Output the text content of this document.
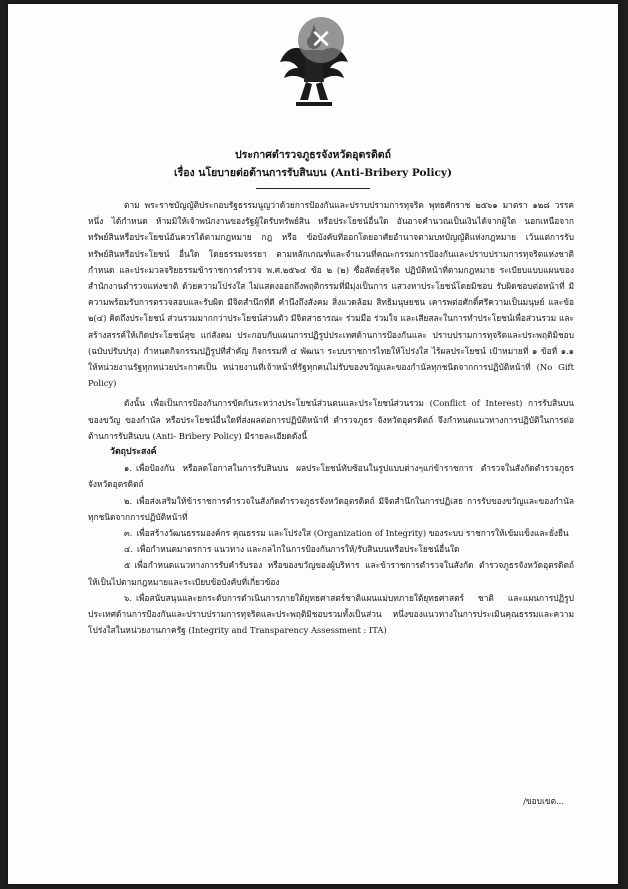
✕
ประกาศตำรวจภูธรจังหวัดอุตรดิตถ์
เรื่อง นโยบายต่อต้านการรับสินบน (Anti-Bribery Policy)

ตาม พระราชบัญญัติประกอบรัฐธรรมนูญว่าด้วยการป้องกันและปราบปรามการทุจริต พุทธศักราช ๒๕๖๑ มาตรา ๑๒๘ วรรคหนึ่ง ได้กำหนด ห้ามมิให้เจ้าพนักงานของรัฐผู้ใดรับทรัพย์สิน หรือประโยชน์อื่นใด อันอาจคำนวณเป็นเงินได้จากผู้ใด นอกเหนือจากทรัพย์สินหรือประโยชน์อันควรได้ตามกฎหมาย กฎ หรือ ข้อบังคับที่ออกโดยอาศัยอำนาจตามบทบัญญัติแห่งกฎหมาย เว้นแต่การรับทรัพย์สินหรือประโยชน์ อื่นใด โดยธรรมจรรยา ตามหลักเกณฑ์และจำนวนที่คณะกรรมการป้องกันและปราบปรามการทุจริตแห่งชาติกำหนด และประมวลจริยธรรมข้าราชการตำรวจ พ.ศ.๒๕๖๔ ข้อ ๒ (๒) ซื่อสัตย์สุจริต ปฏิบัติหน้าที่ตามกฎหมาย ระเบียบแบบแผนของสำนักงานตำรวจแห่งชาติ ด้วยความโปร่งใส ไม่แสดงออกถึงพฤติกรรมที่มีมุ่งเป็นการ แสวงหาประโยชน์โดยมิชอบ รับผิดชอบต่อหน้าที่ มีความพร้อมรับการตรวจสอบและรับผิด มีจิตสำนึกที่ดี คำนึงถึงสังคม สิ่งแวดล้อม สิทธิมนุษยชน เคารพต่อศักดิ์ศรีความเป็นมนุษย์ และข้อ ๒(๔) คิดถึงประโยชน์ ส่วนรวมมากกว่าประโยชน์ส่วนตัว มีจิตสาธารณะ ร่วมมือ ร่วมใจ และเสียสละในการทำประโยชน์เพื่อส่วนรวม และสร้างสรรค์ให้เกิดประโยชน์สุข แก่สังคม ประกอบกับแผนการปฏิรูปประเทศด้านการป้องกันและ ปราบปรามการทุจริตและประพฤติมิชอบ (ฉบับปรับปรุง) กำหนดกิจกรรมปฏิรูปที่สำคัญ กิจกรรมที่ ๔ พัฒนา ระบบราชการไทยให้โปร่งใส ไร้ผลประโยชน์ เป้าหมายที่ ๑ ข้อที่ ๑.๑ ให้หน่วยงานรัฐทุกหน่วยประกาศเป็น หน่วยงานที่เจ้าหน้าที่รัฐทุกคนไม่รับของขวัญและของกำนัลทุกชนิดจากการปฏิบัติหน้าที่ (No Gift Policy)

ดังนั้น เพื่อเป็นการป้องกันการขัดกันระหว่างประโยชน์ส่วนตนและประโยชน์ส่วนรวม (Conflict of Interest) การรับสินบน ของขวัญ ของกำนัล หรือประโยชน์อื่นใดที่ส่งผลต่อการปฏิบัติหน้าที่ ตำรวจภูธร จังหวัดอุตรดิตถ์ จึงกำหนดแนวทางการปฏิบัติในการต่อต้านการรับสินบน (Anti- Bribery Policy) มีรายละเอียดดังนี้

วัตถุประสงค์

๑. เพื่อป้องกัน หรือลดโอกาสในการรับสินบน ผลประโยชน์ทับซ้อนในรูปแบบต่างๆแก่ข้าราชการ ตำรวจในสังกัดตำรวจภูธรจังหวัดอุตรดิตถ์

๒. เพื่อส่งเสริมให้ข้าราชการตำรวจในสังกัดตำรวจภูธรจังหวัดอุตรดิตถ์ มีจิตสำนึกในการปฏิเสธ การรับของขวัญและของกำนัลทุกชนิดจากการปฏิบัติหน้าที่

๓. เพื่อสร้างวัฒนธรรมองค์กร คุณธรรม และโปร่งใส (Organization of Integrity) ของระบบ ราชการให้เข้มแข็งและยั่งยืน

๔. เพื่อกำหนดมาตรการ แนวทาง และกลไกในการป้องกันการให้/รับสินบนหรือประโยชน์อื่นใด

๕ เพื่อกำหนดแนวทางการรับคำรับรอง หรือของขวัญของผู้บริหาร และข้าราชการตำรวจในสังกัด ตำรวจภูธรจังหวัดอุตรดิตถ์ ให้เป็นไปตามกฎหมายและระเบียบข้อบังคับที่เกี่ยวข้อง

๖. เพื่อสนับสนุนและยกระดับการดำเนินการภายใต้ยุทธศาสตร์ชาติแผนแม่บทภายใต้ยุทธศาสตร์ ชาติ และแผนการปฏิรูปประเทศด้านการป้องกันและปราบปรามการทุจริตและประพฤติมิชอบรวมทั้งเป็นส่วน หนึ่งของแนวทางในการประเมินคุณธรรมและความโปร่งใสในหน่วยงานภาครัฐ (Integrity and Transparency Assessment : ITA)

/ขอบเขต...
